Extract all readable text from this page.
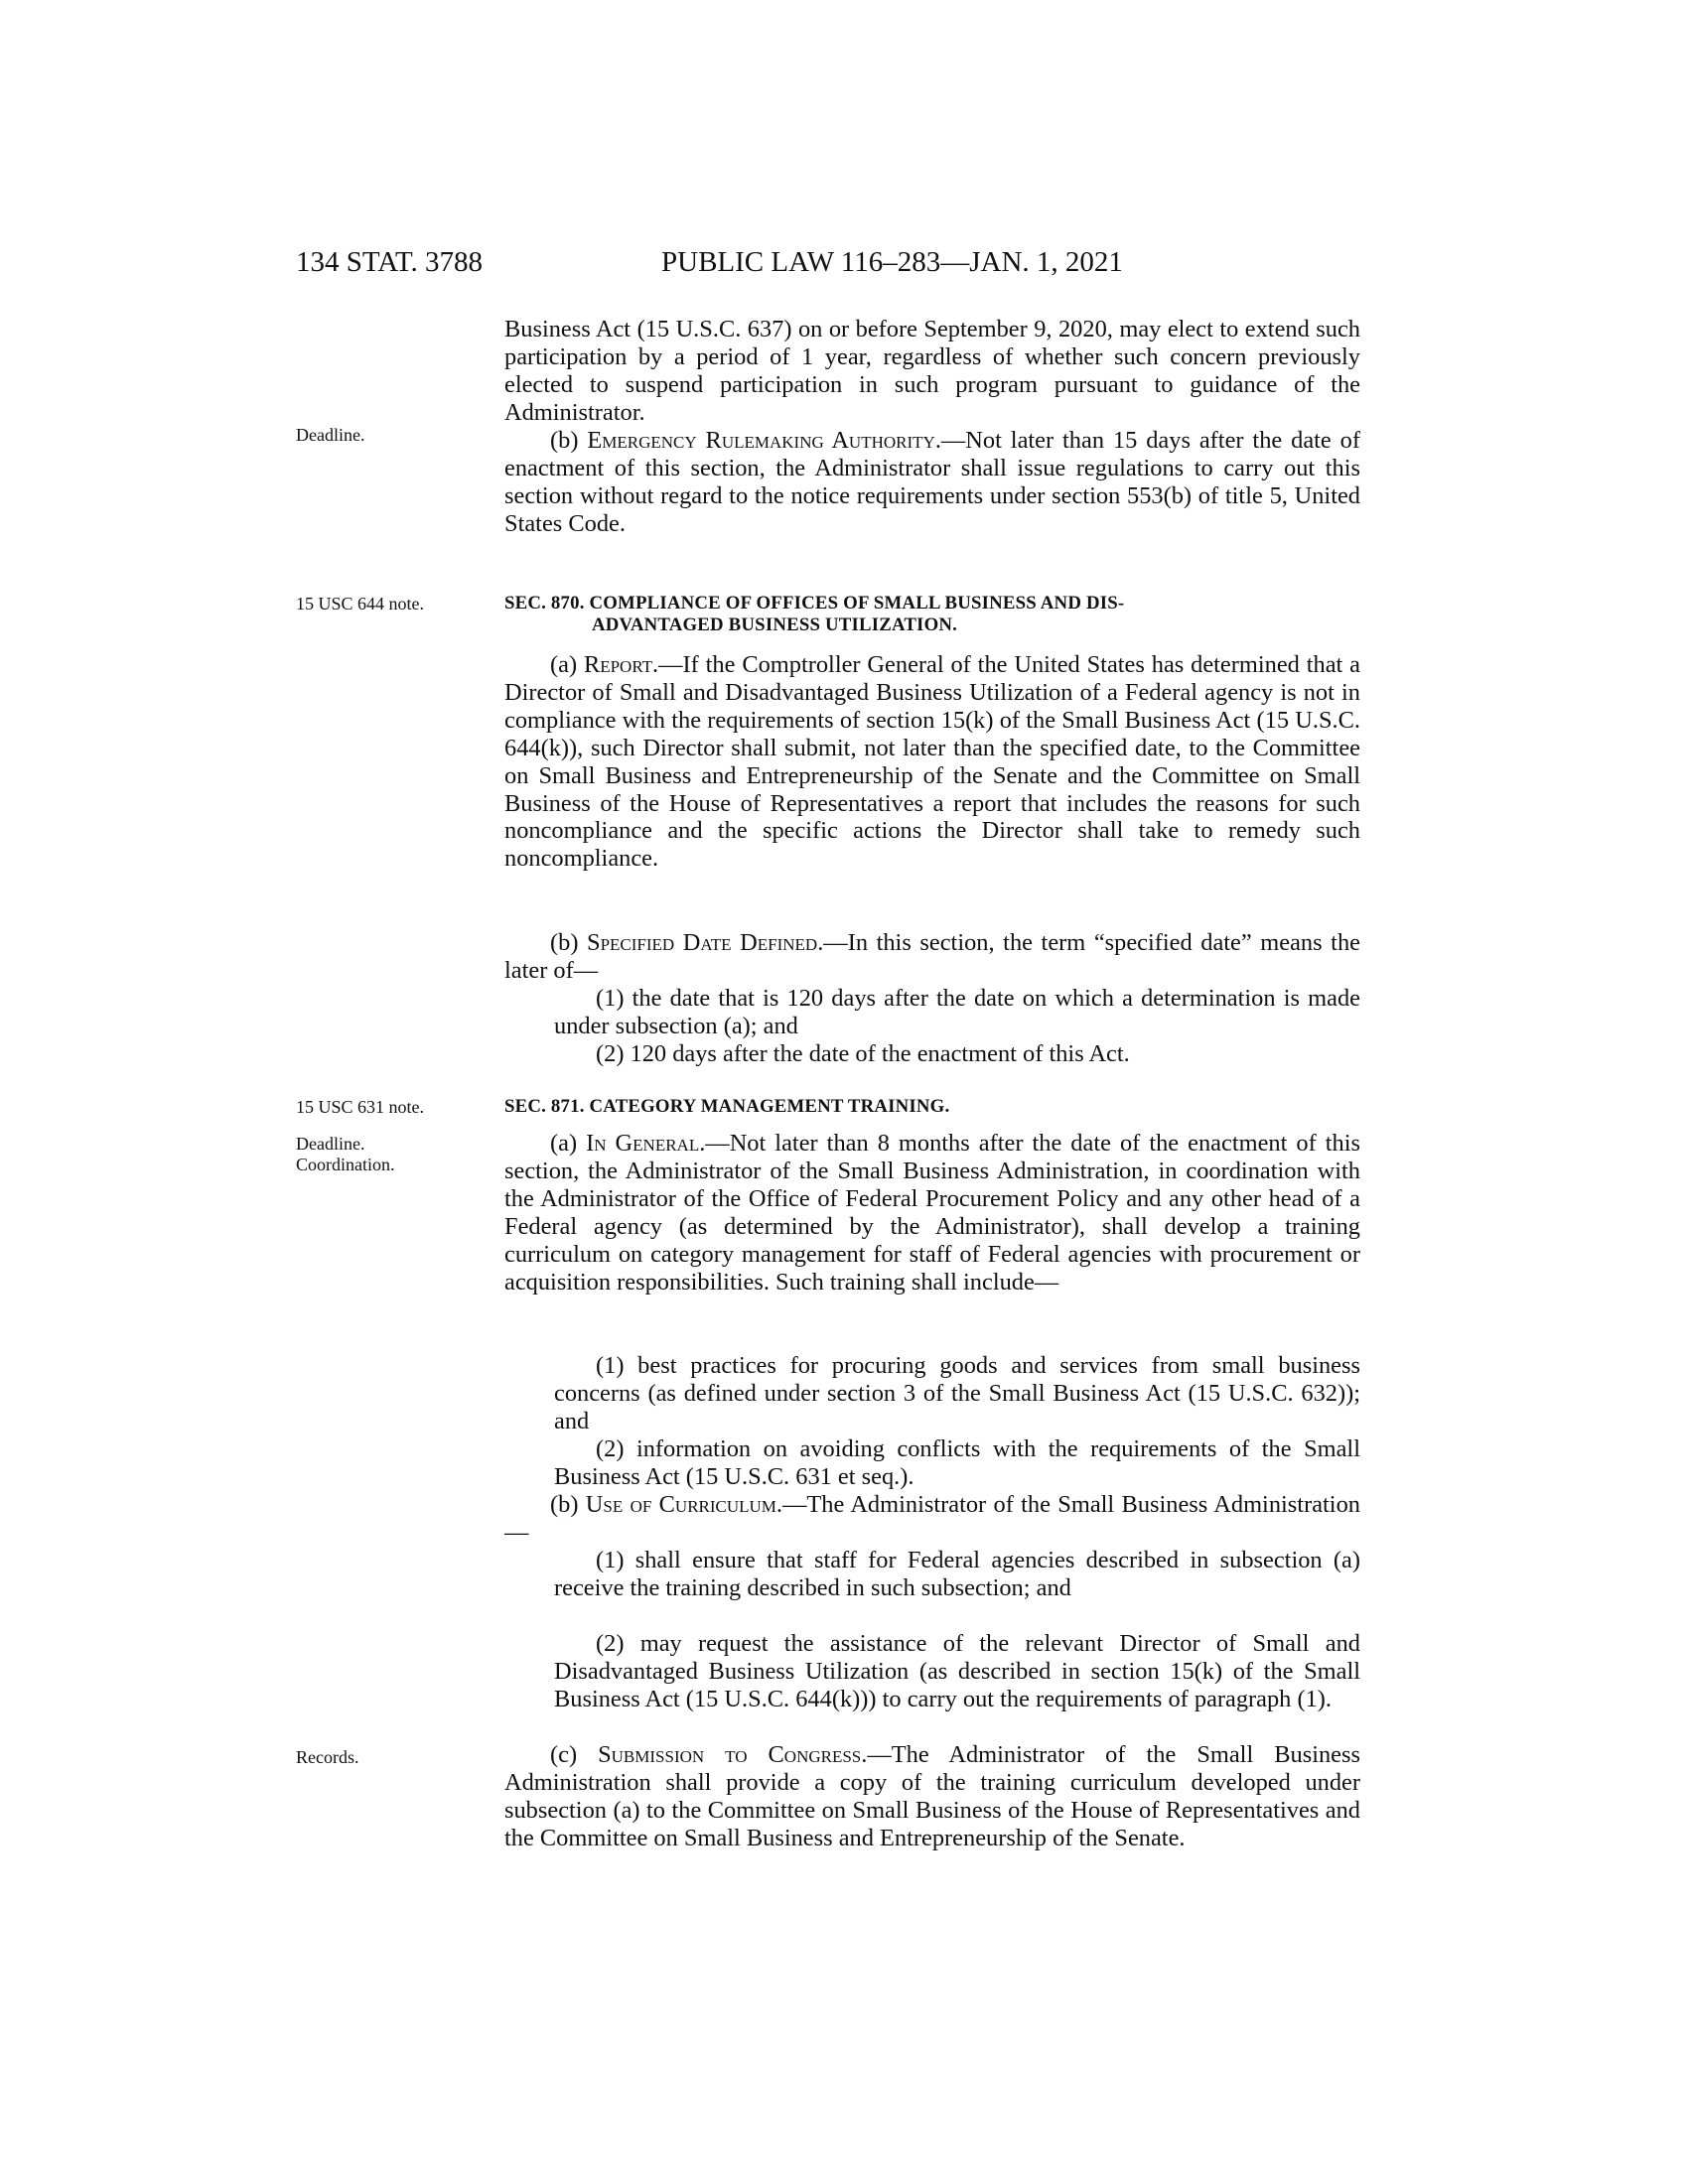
134 STAT. 3788	PUBLIC LAW 116–283—JAN. 1, 2021
Deadline.
15 USC 644 note.
15 USC 631 note.
Deadline.
Coordination.
Records.
Business Act (15 U.S.C. 637) on or before September 9, 2020, may elect to extend such participation by a period of 1 year, regardless of whether such concern previously elected to suspend participation in such program pursuant to guidance of the Administrator.
(b) Emergency Rulemaking Authority.—Not later than 15 days after the date of enactment of this section, the Administrator shall issue regulations to carry out this section without regard to the notice requirements under section 553(b) of title 5, United States Code.
SEC. 870. COMPLIANCE OF OFFICES OF SMALL BUSINESS AND DIS-
ADVANTAGED BUSINESS UTILIZATION.
(a) Report.—If the Comptroller General of the United States has determined that a Director of Small and Disadvantaged Business Utilization of a Federal agency is not in compliance with the requirements of section 15(k) of the Small Business Act (15 U.S.C. 644(k)), such Director shall submit, not later than the specified date, to the Committee on Small Business and Entrepreneurship of the Senate and the Committee on Small Business of the House of Representatives a report that includes the reasons for such noncompliance and the specific actions the Director shall take to remedy such noncompliance.
(b) Specified Date Defined.—In this section, the term “specified date” means the later of—
(1) the date that is 120 days after the date on which a determination is made under subsection (a); and
(2) 120 days after the date of the enactment of this Act.
SEC. 871. CATEGORY MANAGEMENT TRAINING.
(a) In General.—Not later than 8 months after the date of the enactment of this section, the Administrator of the Small Business Administration, in coordination with the Administrator of the Office of Federal Procurement Policy and any other head of a Federal agency (as determined by the Administrator), shall develop a training curriculum on category management for staff of Federal agencies with procurement or acquisition responsibilities. Such training shall include—
(1) best practices for procuring goods and services from small business concerns (as defined under section 3 of the Small Business Act (15 U.S.C. 632)); and
(2) information on avoiding conflicts with the requirements of the Small Business Act (15 U.S.C. 631 et seq.).
(b) Use of Curriculum.—The Administrator of the Small Business Administration—
(1) shall ensure that staff for Federal agencies described in subsection (a) receive the training described in such subsection; and
(2) may request the assistance of the relevant Director of Small and Disadvantaged Business Utilization (as described in section 15(k) of the Small Business Act (15 U.S.C. 644(k))) to carry out the requirements of paragraph (1).
(c) Submission to Congress.—The Administrator of the Small Business Administration shall provide a copy of the training curriculum developed under subsection (a) to the Committee on Small Business of the House of Representatives and the Committee on Small Business and Entrepreneurship of the Senate.
